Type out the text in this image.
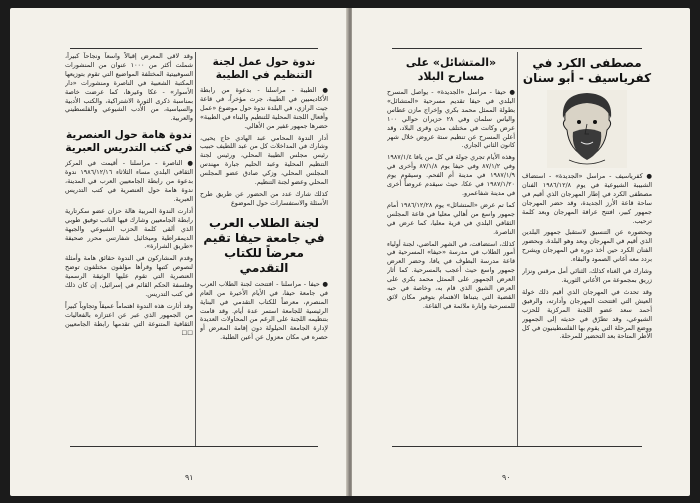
ندوة حول عمل لجنة التنظيم في الطيبة

● الطيبة - مراسلنا - بدعوة من رابطة الأكاديميين في الطيبة، جرت مؤخراً، في قاعة جيت الرازي، في البلدة ندوة حول موضوع «عمل وأفعال اللجنة المحلية للتنظيم والبناء في الطيبة» حضرها جمهور غفير من الأهالي.

أدار الندوة المحامي عبد الهادي حاج يحيى، وشارك في المداخلات كل من عبد اللطيف حبيب رئيس مجلس الطيبة المحلي، ورئيس لجنة التنظيم المحلية وعبد الحليم جبارة مهندس المجلس المحلي، وزكي صادق عضو المجلس المحلي وعضو لجنة التنظيم.

كذلك شارك عدد من الحضور عن طريق طرح الأسئلة والاستفسارات حول الموضوع

لجنة الطلاب العرب في جامعة حيفا تقيم معرضاً للكتاب التقدمي

● حيفا - مراسلنا - افتتحت لجنة الطلاب العرب في جامعة حيفا، في الأيام الأخيرة من العام المنصرم، معرضاً للكتاب التقدمي في البناية الرئيسية للجامعة استمر عدة أيام. وقد قامت بتنظيمه اللجنة على الرغم من المحاولات العديدة لإدارة الجامعة الحيلولة دون إقامة المعرض أو حصره في مكان معزول عن أعين الطلبة.

وقد لاقى المعرض إقبالاً واسعاً ونجاحاً كبيراً، شملت أكثر من ١٠٠٠ عنوان من المنشورات السوفييتية المختلفة المواضيع التي تقوم بتوزيعها المكتبة الشعبية في الناصرة ومنشورات «دار الأسوار» - عكا وغيرها، كما عرضت خاصة بمناسبة ذكرى الثورة الاشتراكية، والكتب الأدبية والسياسية، من الأدب الشيوعي والفلسطيني والعربية.

ندوة هامة حول العنصرية في كتب التدريس العبرية

● الناصرة - مراسلنا - أقيمت في المركز الثقافي البلدي مساء الثلاثاء ١٩٨٦/١٢/١٦ ندوة بدعوة من رابطة الجامعيين العرب في المدينة، ندوة هامة حول العنصرية في كتب التدريس العبرية.

أدارت الندوة المربية هالة حزان عضو سكرتارية رابطة الجامعيين وشارك فيها النائب توفيق طوبي الذي ألقى كلمة الحزب الشيوعي والجبهة الديمقراطية وميخائيل شفارتس محرر صحيفة «طريق الشرارة».

وقدم المشاركون في الندوة حقائق هامة وأمثلة لنصوص كتبها وقرأها مؤلفون مختلفون توضح العنصرية التي تقوم عليها الوثيقة الرسمية وفلسفة الحكم القائم في إسرائيل، إن كان ذلك في كتب التدريس.

وقد أثارت هذه الندوة اهتماماً عميقاً وتجاوباً كبيراً من الجمهور الذي عبر عن اعتزازه بالفعاليات الثقافية المتنوعة التي تقدمها رابطة الجامعيين ☐☐

٩١
مصطفى الكرد في كفرياسيف - أبو سنان

● كفرياسيف - مراسل «الجديدة» - استضاف الشبيبة الشيوعية في يوم ١٩٨٦/١٢/٨ الفنان مصطفى الكرد في إطار المهرجان الذي أقيم في ساحة قاعة الأرز الجديدة، وقد حضر المهرجان جمهور كبير، افتتح عرافة المهرجان وبعد كلمة ترحيب.

وبحضوره عن التنسيق لاستقبل جمهور البلدين الذي أقيم في المهرجان وبعد وهو البلدة. وبحضور الفنان الكرد حين أخذ دوره في المهرجان ويشرح بردد معه أغاني الصمود والبقاء.

وشارك في الغناء كذلك، الثنائي أمل مرقس ونزار زريق بمجموعة من الأغاني الثورية.

وقد تحدث في المهرجان الذي أقيم ذلك خولة العيش التي افتتحت المهرجان وأدارته، والرفيق أحمد سعد عضو اللجنة المركزية للحزب الشيوعي، وقد تطرّق في حديثه إلى الجمهور ووضع المرحلة التي يقوم بها الفلسطينيون في كل الأطر المتاحة بعد التحضير للمرحلة.

«المتشائل» على مسارح البلاد

● حيفا - مراسل «الجديدة» - يواصل المسرح البلدي في حيفا تقديم مسرحية «المتشائل» بطولة الممثل محمد بكري وإخراج مازن غطاس والياس سلمان وفي ٢٨ حزيران حوالي ١٠٠ عرض وكانت في مختلف مدن وقرى البلاد، وقد أعلن المسرح عن تنظيم ستة عروض خلال شهر كانون الثاني الجاري.

وهذه الأيام تجري جولة في كل من يافا ١٩٨٧/١/٤ وفي ٨٧/١/٢ وفي حيفا يوم ٨٧/١/٨ وأخرى في ١٩٨٧/١/٩ في مدينة أم الفحم. وسيقوم يوم ١٩٨٧/١/٢٠ في عكا، حيث سيقدم عروضاً أخرى في مدينة شفاعمرو.

كما تم عرض «المتشائل» يوم ١٩٨٦/١٢/٢٨ أمام جمهور واسع من أهالي معليا في قاعة المجلس الثقافي البلدي في قرية معليا، كما عرض في الناصرة.

كذلك، استضافت، في الشهر الماضي، لجنة أولياء أمور الطلاب في مدرسة «حيفا» المسرحية في قاعة مدرسة البطوف في يافا، وحضر العرض جمهور واسع حيث أعجب بالمسرحية. كما أثار العرض الجمهور على الممثل محمد بكري على العرض الشيق الذي قام به، وخاصة في حبه القضية التي يتبناها الاهتمام بتوفير مكان لائق للمسرحية وإنارة ملائمة في القاعة.

٩٠
